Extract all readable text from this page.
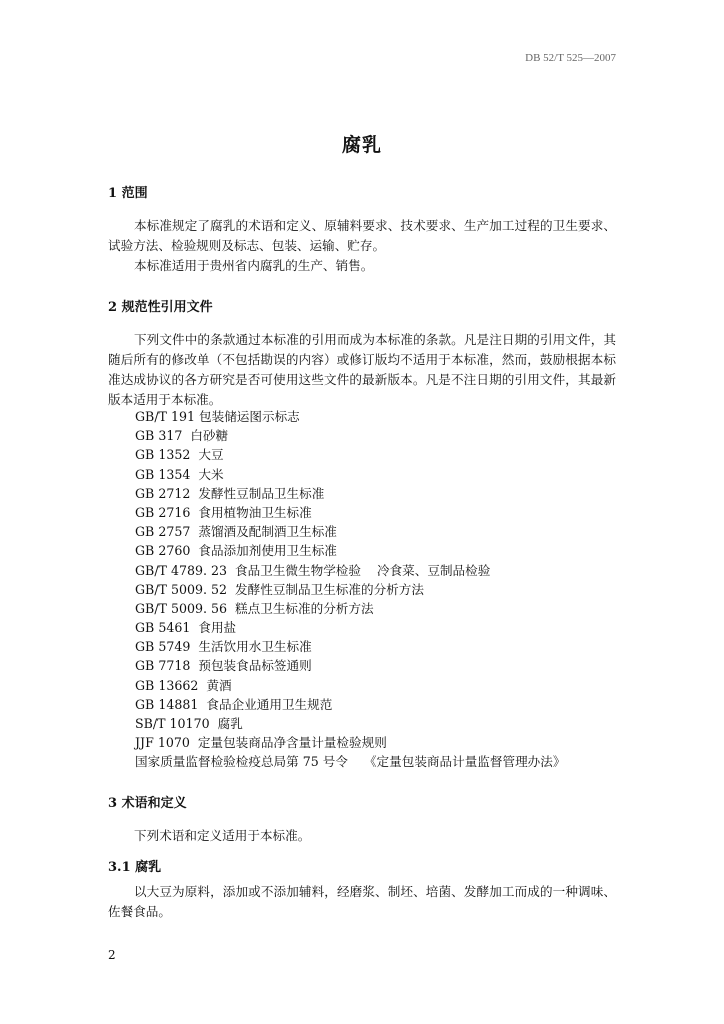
DB 52/T 525—2007
腐乳
1 范围
本标准规定了腐乳的术语和定义、原辅料要求、技术要求、生产加工过程的卫生要求、试验方法、检验规则及标志、包装、运输、贮存。
本标准适用于贵州省内腐乳的生产、销售。
2 规范性引用文件
下列文件中的条款通过本标准的引用而成为本标准的条款。凡是注日期的引用文件，其随后所有的修改单（不包括勘误的内容）或修订版均不适用于本标准，然而，鼓励根据本标准达成协议的各方研究是否可使用这些文件的最新版本。凡是不注日期的引用文件，其最新版本适用于本标准。
GB/T 191 包装储运图示标志
GB 317  白砂糖
GB 1352  大豆
GB 1354  大米
GB 2712  发酵性豆制品卫生标准
GB 2716  食用植物油卫生标准
GB 2757  蒸馏酒及配制酒卫生标准
GB 2760  食品添加剂使用卫生标准
GB/T 4789. 23  食品卫生微生物学检验    冷食菜、豆制品检验
GB/T 5009. 52  发酵性豆制品卫生标准的分析方法
GB/T 5009. 56  糕点卫生标准的分析方法
GB 5461  食用盐
GB 5749  生活饮用水卫生标准
GB 7718  预包装食品标签通则
GB 13662  黄酒
GB 14881  食品企业通用卫生规范
SB/T 10170  腐乳
JJF 1070  定量包装商品净含量计量检验规则
国家质量监督检验检疫总局第 75 号令    《定量包装商品计量监督管理办法》
3 术语和定义
下列术语和定义适用于本标准。
3.1 腐乳
以大豆为原料，添加或不添加辅料，经磨浆、制坯、培菌、发酵加工而成的一种调味、佐餐食品。
2
